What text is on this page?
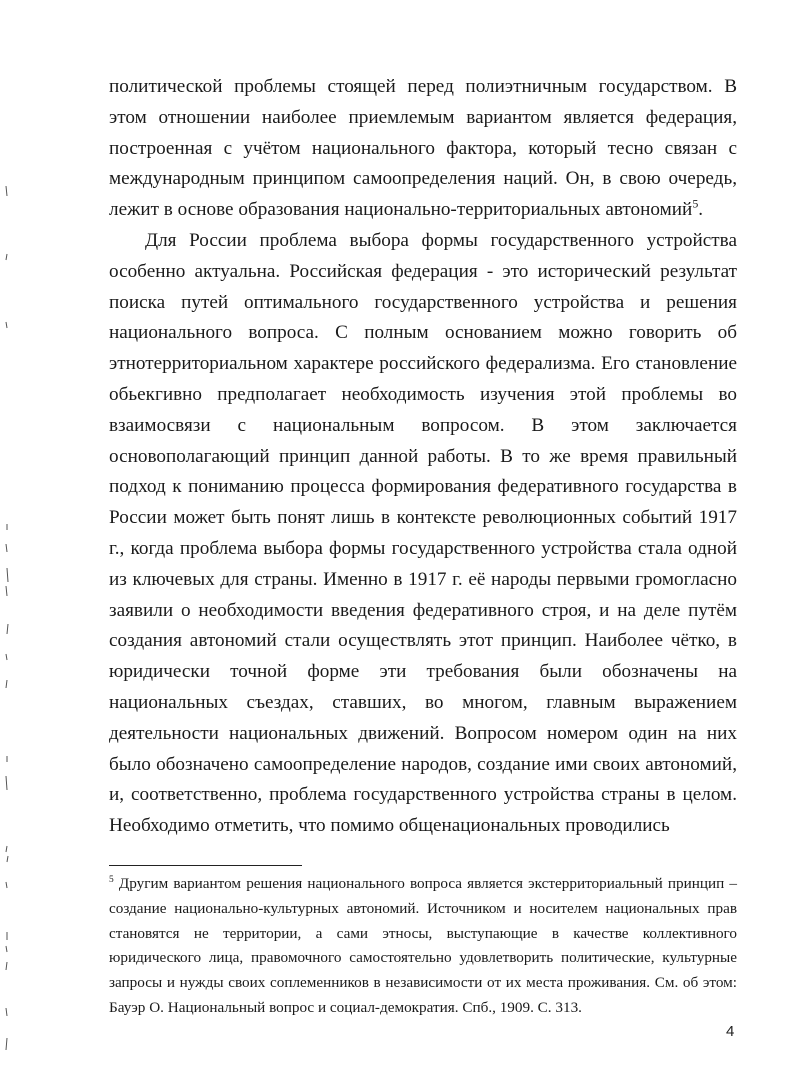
политической проблемы стоящей перед полиэтничным государством. В этом отношении наиболее приемлемым вариантом является федерация, построенная с учётом национального фактора, который тесно связан с международным принципом самоопределения наций. Он, в свою очередь, лежит в основе образования национально-территориальных автономий$^5$.

Для России проблема выбора формы государственного устройства особенно актуальна. Российская федерация - это исторический результат поиска путей оптимального государственного устройства и решения национального вопроса. С полным основанием можно говорить об этнотерриториальном характере российского федерализма. Его становление обьекгивно предполагает необходимость изучения этой проблемы во взаимосвязи с национальным вопросом. В этом заключается основополагающий принцип данной работы. В то же время правильный подход к пониманию процесса формирования федеративного государства в России может быть понят лишь в контексте революционных событий 1917 г., когда проблема выбора формы государственного устройства стала одной из ключевых для страны. Именно в 1917 г. её народы первыми громогласно заявили о необходимости введения федеративного строя, и на деле путём создания автономий стали осуществлять этот принцип. Наиболее чётко, в юридически точной форме эти требования были обозначены на национальных съездах, ставших, во многом, главным выражением деятельности национальных движений. Вопросом номером один на них было обозначено самоопределение народов, создание ими своих автономий, и, соответственно, проблема государственного устройства страны в целом. Необходимо отметить, что помимо общенациональных проводились

$^5$ Другим вариантом решения национального вопроса является экстерриториальный принцип – создание национально-культурных автономий. Источником и носителем национальных прав становятся не территории, а сами этносы, выступающие в качестве коллективного юридического лица, правомочного самостоятельно удовлетворить политические, культурные запросы и нужды своих соплеменников в независимости от их места проживания. См. об этом: Бауэр О. Национальный вопрос и социал-демократия. Спб., 1909. С. 313.

4
